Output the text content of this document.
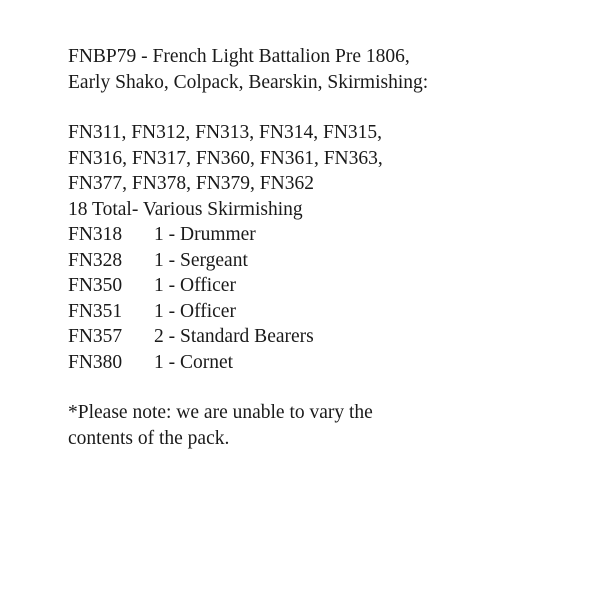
FNBP79 - French Light Battalion Pre 1806,

Early Shako, Colpack, Bearskin, Skirmishing:

FN311, FN312, FN313, FN314, FN315,

FN316, FN317, FN360, FN361, FN363,

FN377, FN378, FN379, FN362

18 Total- Various Skirmishing

FN318	1 - Drummer
FN328	1 - Sergeant
FN350	1 - Officer
FN351	1 - Officer
FN357	2 - Standard Bearers
FN380	1 - Cornet

*Please note: we are unable to vary the

contents of the pack.
